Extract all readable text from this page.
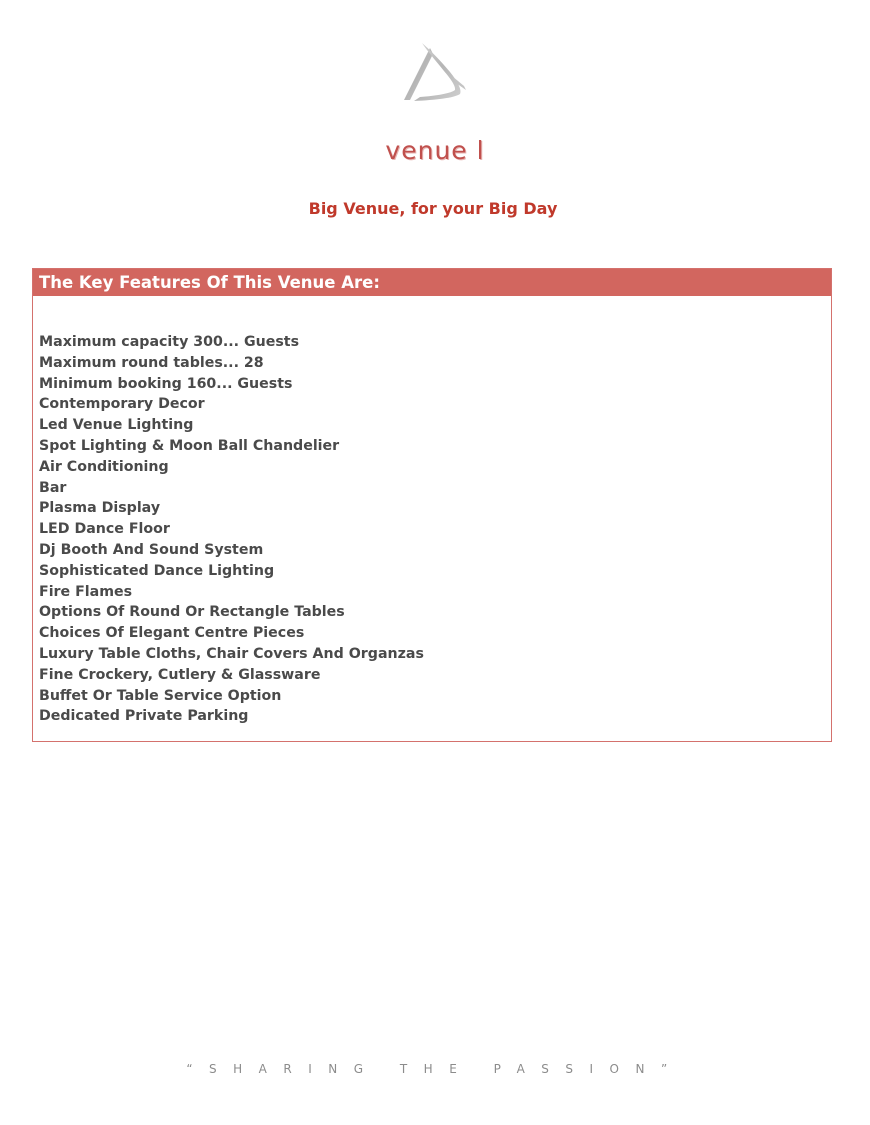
venue l
Big Venue, for your Big Day
The Key Features Of This Venue Are:
Maximum capacity 300... Guests
Maximum round tables... 28
Minimum booking 160... Guests
Contemporary Decor
Led Venue Lighting
Spot Lighting & Moon Ball Chandelier
Air Conditioning
Bar
Plasma Display
LED Dance Floor
Dj Booth And Sound System
Sophisticated Dance Lighting
Fire Flames
Options Of Round Or Rectangle Tables
Choices Of Elegant Centre Pieces
Luxury Table Cloths, Chair Covers And Organzas
Fine Crockery, Cutlery & Glassware
Buffet Or Table Service Option
Dedicated Private Parking
“SHARING THE PASSION”
